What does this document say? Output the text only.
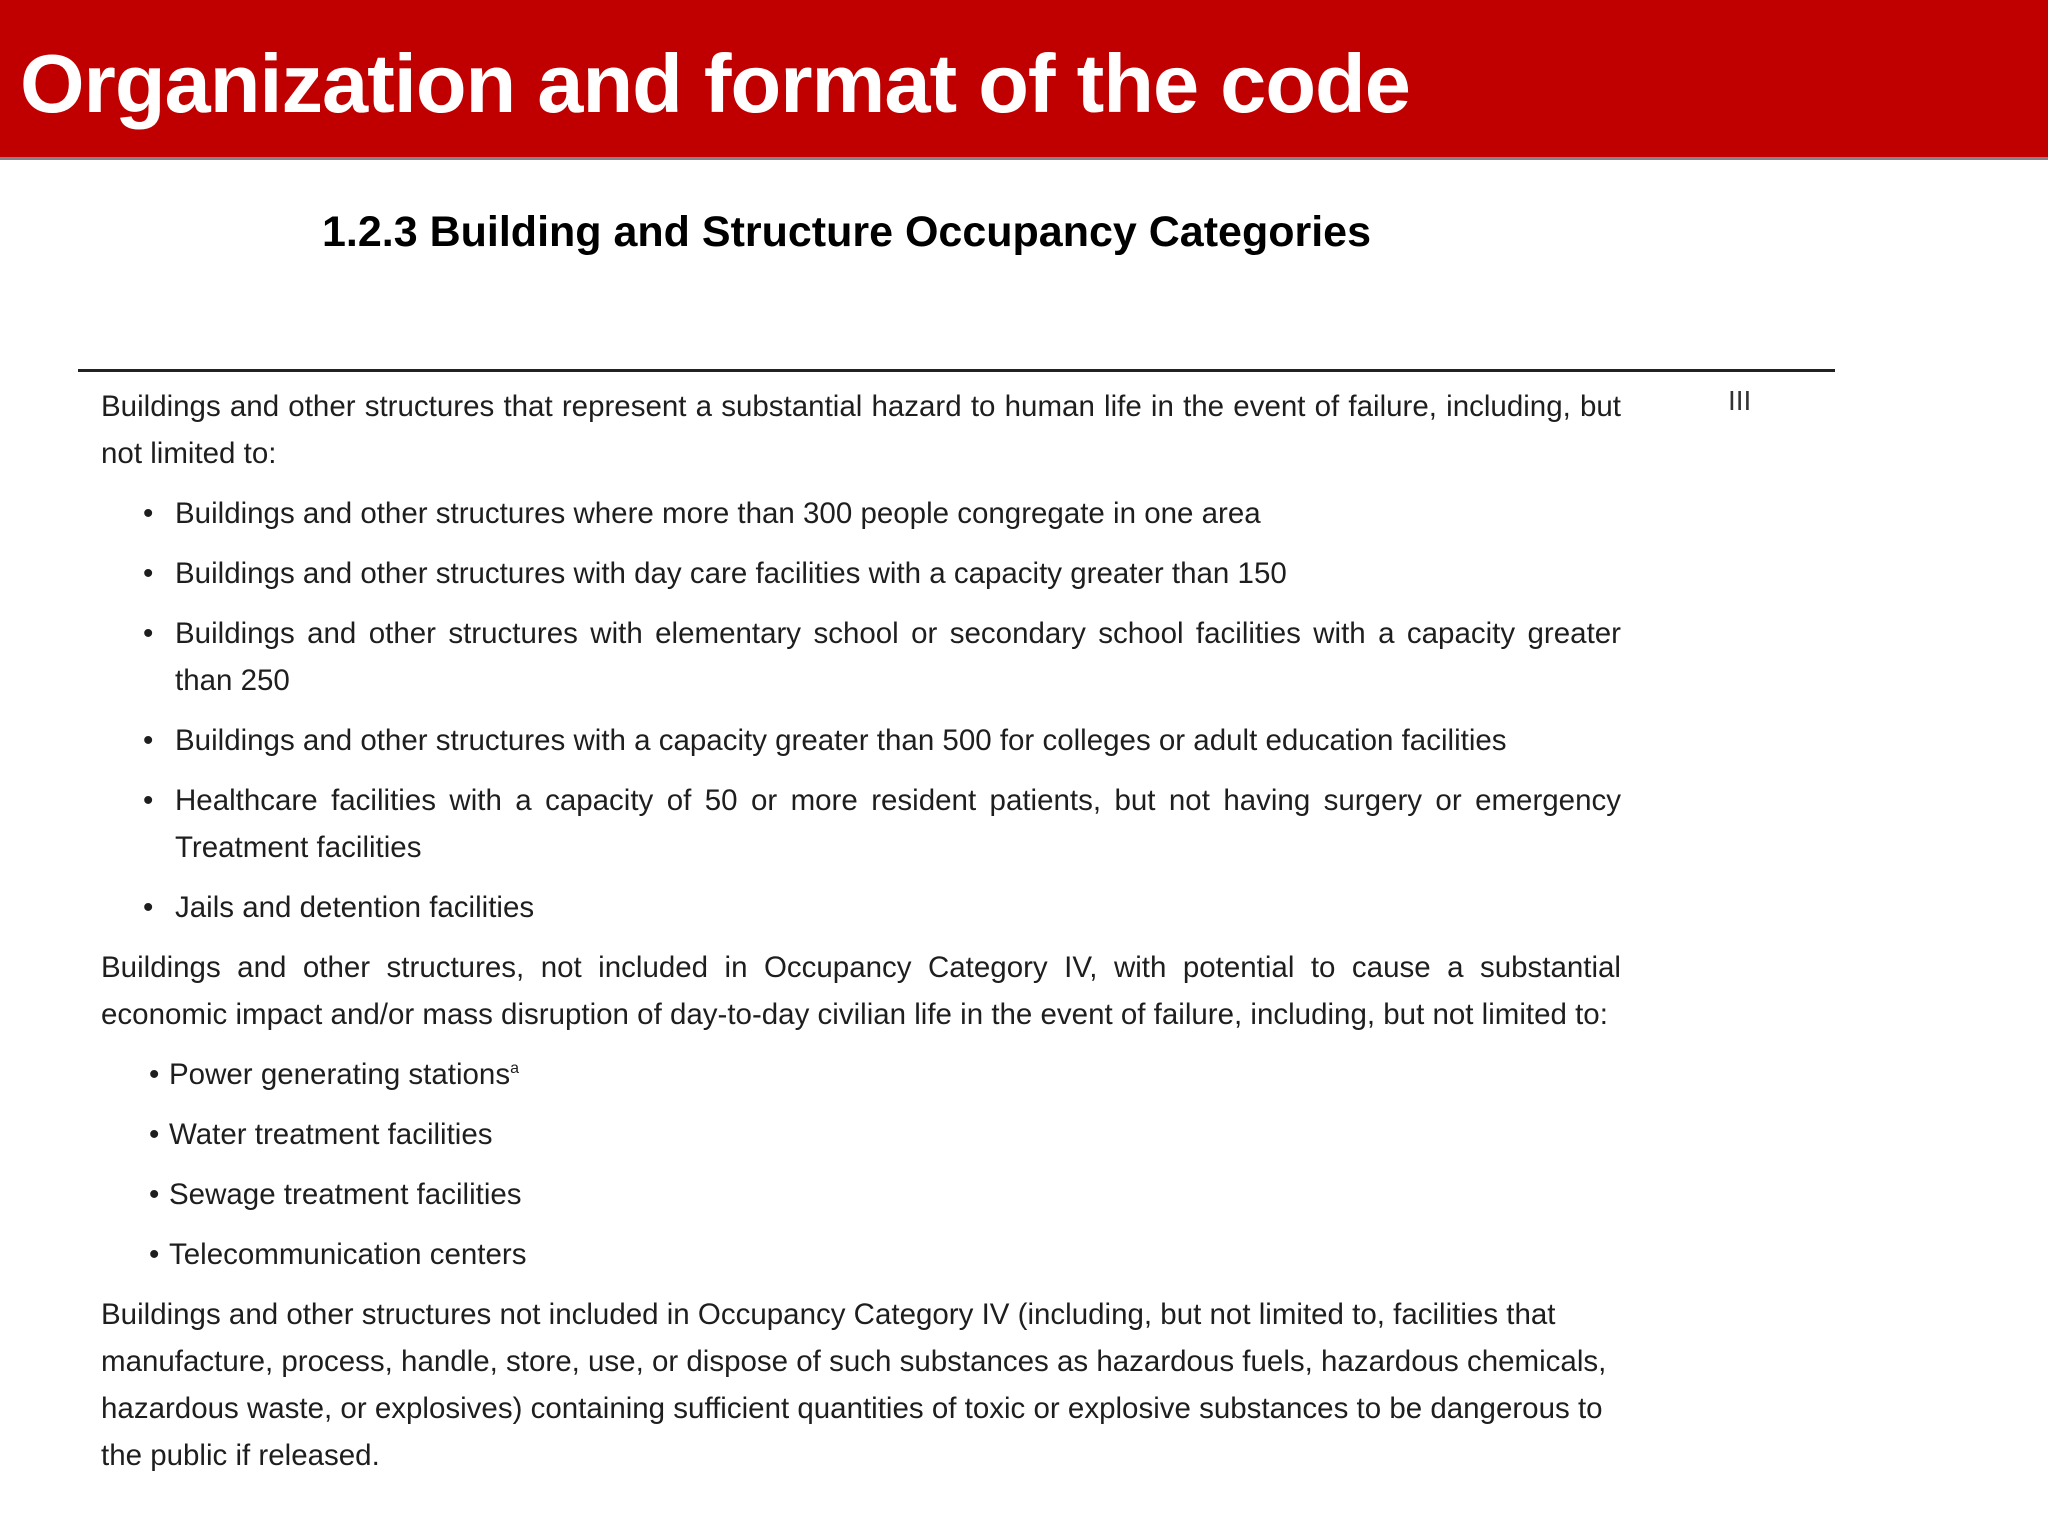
Organization and format of the code
1.2.3 Building and Structure Occupancy Categories
III

Buildings and other structures that represent a substantial hazard to human life in the event of failure, including, but not limited to:

• Buildings and other structures where more than 300 people congregate in one area
• Buildings and other structures with day care facilities with a capacity greater than 150
• Buildings and other structures with elementary school or secondary school facilities with a capacity greater than 250
• Buildings and other structures with a capacity greater than 500 for colleges or adult education facilities
• Healthcare facilities with a capacity of 50 or more resident patients, but not having surgery or emergency Treatment facilities
• Jails and detention facilities

Buildings and other structures, not included in Occupancy Category IV, with potential to cause a substantial economic impact and/or mass disruption of day-to-day civilian life in the event of failure, including, but not limited to:

• Power generating stations$^a$
• Water treatment facilities
• Sewage treatment facilities
• Telecommunication centers

Buildings and other structures not included in Occupancy Category IV (including, but not limited to, facilities that manufacture, process, handle, store, use, or dispose of such substances as hazardous fuels, hazardous chemicals, hazardous waste, or explosives) containing sufficient quantities of toxic or explosive substances to be dangerous to the public if released.
